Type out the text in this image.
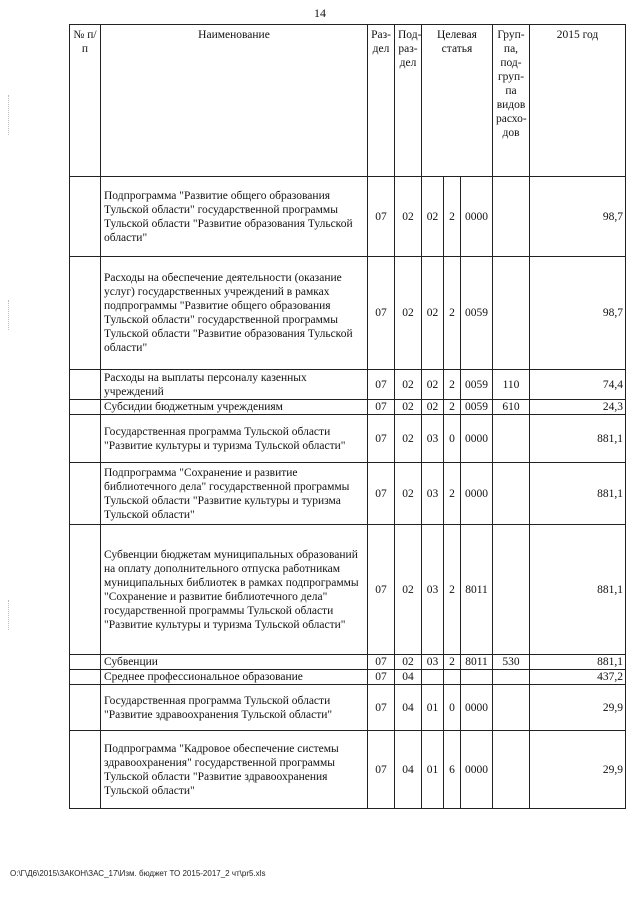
14
№ п/п	Наименование	Раз- дел	Под- раз- дел	Целевая статья			Груп- па, под- груп- па видов расхо- дов	2015 год
	Подпрограмма "Развитие общего образования Тульской области" государственной программы Тульской области "Развитие образования Тульской области"	07	02	02	2	0000		98,7
	Расходы на обеспечение деятельности (оказание услуг) государственных учреждений в рамках подпрограммы "Развитие общего образования Тульской области" государственной программы Тульской области "Развитие образования Тульской области"	07	02	02	2	0059		98,7
	Расходы на выплаты персоналу казенных учреждений	07	02	02	2	0059	110	74,4
	Субсидии бюджетным учреждениям	07	02	02	2	0059	610	24,3
	Государственная программа Тульской области "Развитие культуры и туризма Тульской области"	07	02	03	0	0000		881,1
	Подпрограмма "Сохранение и развитие библиотечного дела" государственной программы Тульской области "Развитие культуры и туризма Тульской области"	07	02	03	2	0000		881,1
	Субвенции бюджетам муниципальных образований на оплату дополнительного отпуска работникам муниципальных библиотек в рамках подпрограммы "Сохранение и развитие библиотечного дела" государственной программы Тульской области "Развитие культуры и туризма Тульской области"	07	02	03	2	8011		881,1
	Субвенции	07	02	03	2	8011	530	881,1
	Среднее профессиональное образование	07	04					437,2
	Государственная программа Тульской области "Развитие здравоохранения Тульской области"	07	04	01	0	0000		29,9
	Подпрограмма "Кадровое обеспечение системы здравоохранения" государственной программы Тульской области "Развитие здравоохранения Тульской области"	07	04	01	6	0000		29,9
O:\Г\Д6\2015\ЗАКОН\ЗАС_17\Изм. бюджет ТО 2015-2017_2 чт\pr5.xls
